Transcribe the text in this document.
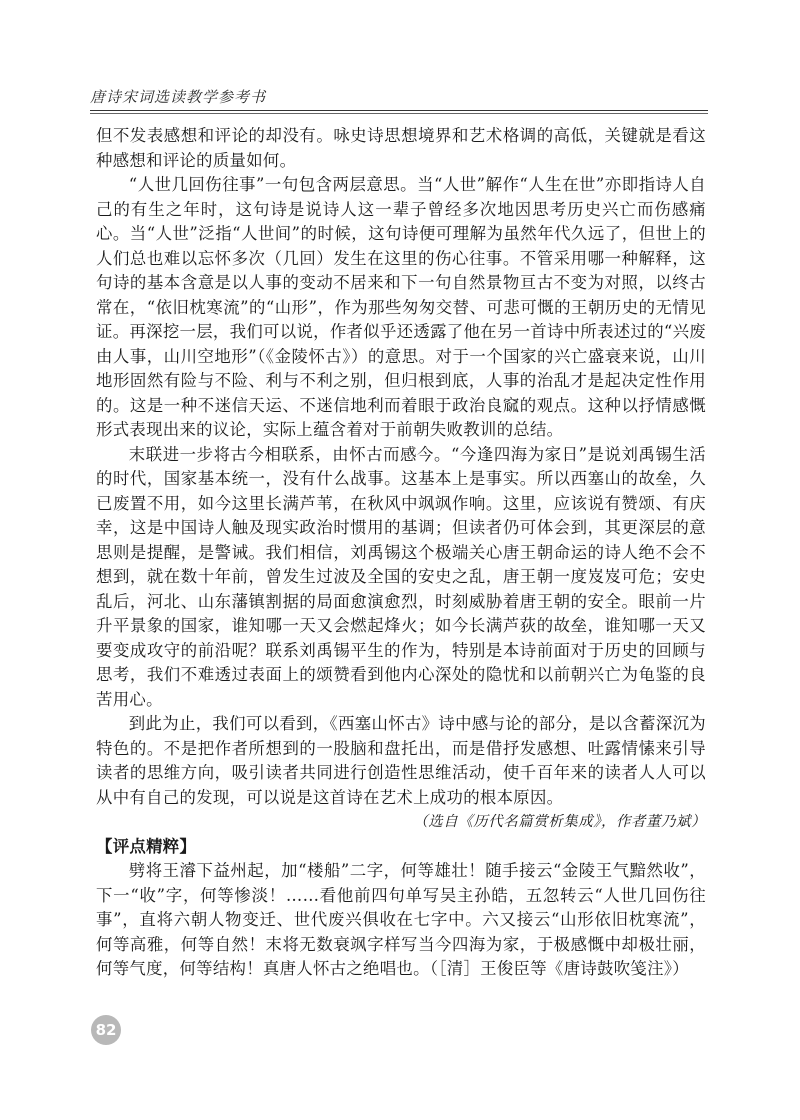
唐诗宋词选读教学参考书

但不发表感想和评论的却没有。咏史诗思想境界和艺术格调的高低，关键就是看这种感想和评论的质量如何。

“人世几回伤往事”一句包含两层意思。当“人世”解作“人生在世”亦即指诗人自己的有生之年时，这句诗是说诗人这一辈子曾经多次地因思考历史兴亡而伤感痛心。当“人世”泛指“人世间”的时候，这句诗便可理解为虽然年代久远了，但世上的人们总也难以忘怀多次（几回）发生在这里的伤心往事。不管采用哪一种解释，这句诗的基本含意是以人事的变动不居来和下一句自然景物亘古不变为对照，以终古常在，“依旧枕寒流”的“山形”，作为那些匆匆交替、可悲可慨的王朝历史的无情见证。再深挖一层，我们可以说，作者似乎还透露了他在另一首诗中所表述过的“兴废由人事，山川空地形”（《金陵怀古》）的意思。对于一个国家的兴亡盛衰来说，山川地形固然有险与不险、利与不利之别，但归根到底，人事的治乱才是起决定性作用的。这是一种不迷信天运、不迷信地利而着眼于政治良窳的观点。这种以抒情感慨形式表现出来的议论，实际上蕴含着对于前朝失败教训的总结。

末联进一步将古今相联系，由怀古而感今。“今逢四海为家日”是说刘禹锡生活的时代，国家基本统一，没有什么战事。这基本上是事实。所以西塞山的故垒，久已废置不用，如今这里长满芦苇，在秋风中飒飒作响。这里，应该说有赞颂、有庆幸，这是中国诗人触及现实政治时惯用的基调；但读者仍可体会到，其更深层的意思则是提醒，是警诫。我们相信，刘禹锡这个极端关心唐王朝命运的诗人绝不会不想到，就在数十年前，曾发生过波及全国的安史之乱，唐王朝一度岌岌可危；安史乱后，河北、山东藩镇割据的局面愈演愈烈，时刻威胁着唐王朝的安全。眼前一片升平景象的国家，谁知哪一天又会燃起烽火；如今长满芦荻的故垒，谁知哪一天又要变成攻守的前沿呢？联系刘禹锡平生的作为，特别是本诗前面对于历史的回顾与思考，我们不难透过表面上的颂赞看到他内心深处的隐忧和以前朝兴亡为龟鉴的良苦用心。

到此为止，我们可以看到，《西塞山怀古》诗中感与论的部分，是以含蓄深沉为特色的。不是把作者所想到的一股脑和盘托出，而是借抒发感想、吐露情愫来引导读者的思维方向，吸引读者共同进行创造性思维活动，使千百年来的读者人人可以从中有自己的发现，可以说是这首诗在艺术上成功的根本原因。

（选自《历代名篇赏析集成》，作者董乃斌）

【评点精粹】

劈将王濬下益州起，加“楼船”二字，何等雄壮！随手接云“金陵王气黯然收”，下一“收”字，何等惨淡！……看他前四句单写吴主孙皓，五忽转云“人世几回伤往事”，直将六朝人物变迁、世代废兴俱收在七字中。六又接云“山形依旧枕寒流”，何等高雅，何等自然！末将无数衰飒字样写当今四海为家，于极感慨中却极壮丽，何等气度，何等结构！真唐人怀古之绝唱也。（［清］王俊臣等《唐诗鼓吹笺注》）

82
